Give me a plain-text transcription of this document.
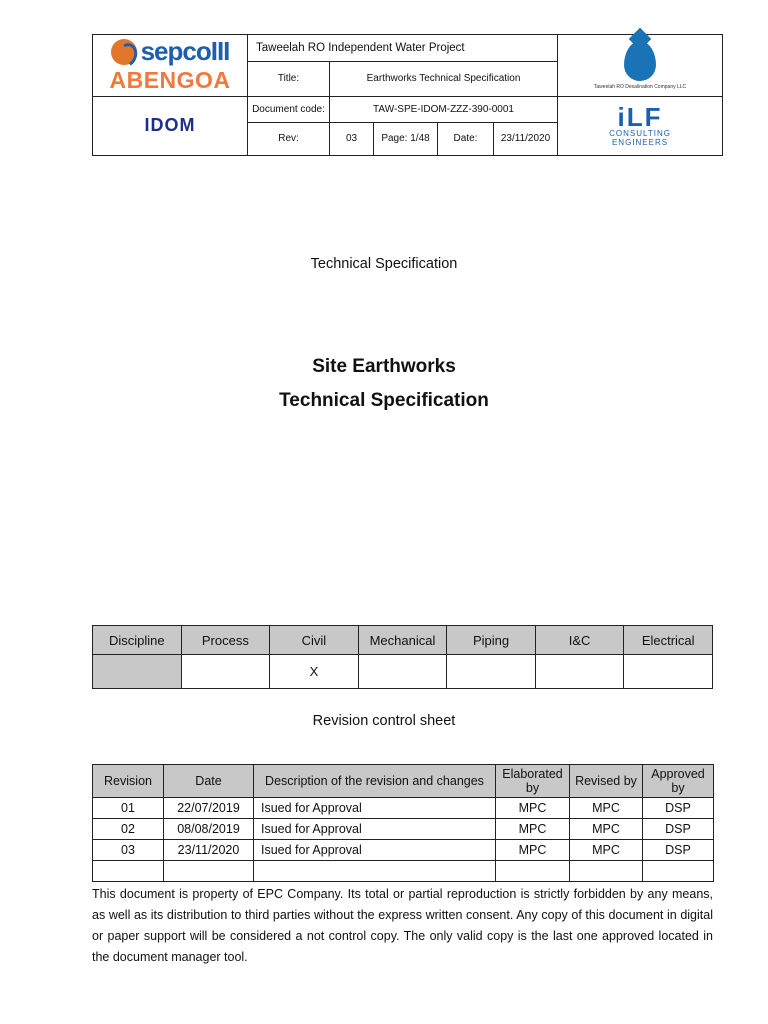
sepcoIII
ABENGOA	Taweelah RO Independent Water Project					Taweelah RO Desalination Company LLC

	Title:	Earthworks Technical Specification				

IDOM	Document code:	TAW-SPE-IDOM-ZZZ-390-0001				iLF
CONSULTING
ENGINEERS

	Rev:	03	Page: 1/48	Date:	23/11/2020	
Technical Specification
Site Earthworks
Technical Specification
Discipline	Process	Civil	Mechanical	Piping	I&C	Electrical
		X				
Revision control sheet
Revision	Date	Description of the revision and changes	Elaborated by	Revised by	Approved by
01	22/07/2019	Isued for Approval	MPC	MPC	DSP
02	08/08/2019	Isued for Approval	MPC	MPC	DSP
03	23/11/2020	Isued for Approval	MPC	MPC	DSP

This document is property of EPC Company. Its total or partial reproduction is strictly forbidden by any means, as well as its distribution to third parties without the express written consent. Any copy of this document in digital or paper support will be considered a not control copy. The only valid copy is the last one approved located in the document manager tool.
